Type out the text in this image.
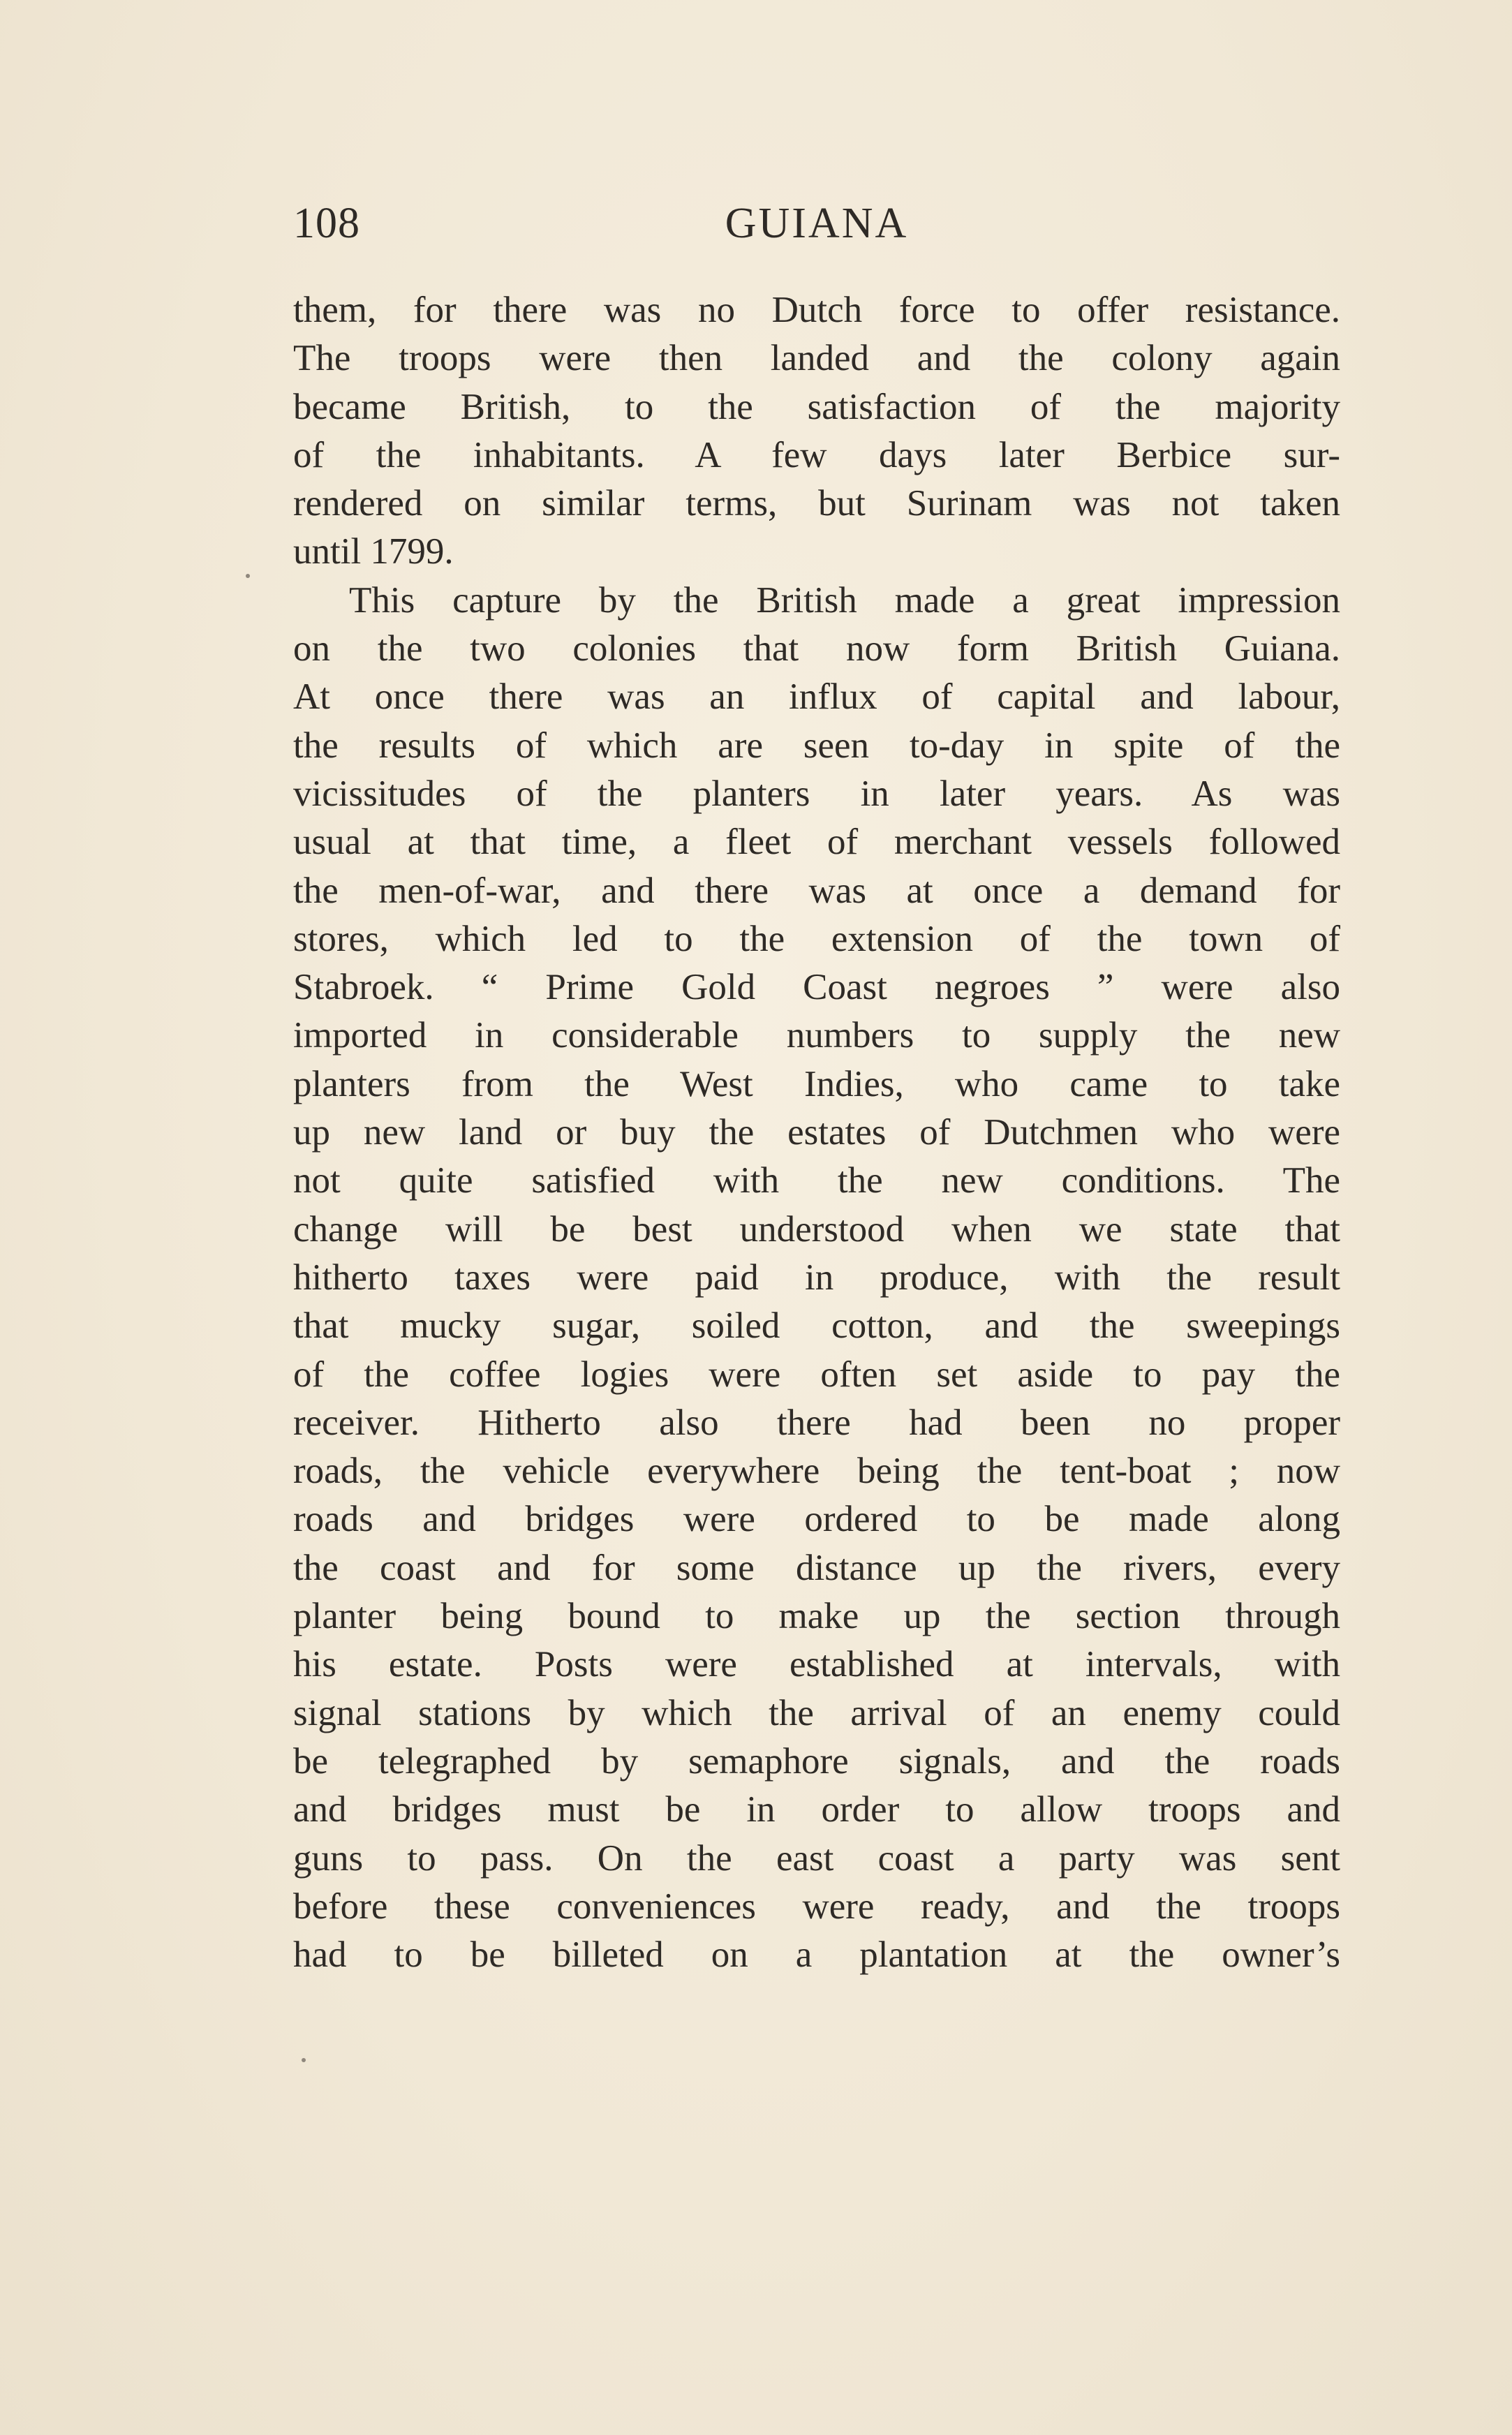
108	GUIANA
them, for there was no Dutch force to offer resistance.
The troops were then landed and the colony again
became British, to the satisfaction of the majority
of the inhabitants. A few days later Berbice sur-
rendered on similar terms, but Surinam was not taken
until 1799.
This capture by the British made a great impression
on the two colonies that now form British Guiana.
At once there was an influx of capital and labour,
the results of which are seen to-day in spite of the
vicissitudes of the planters in later years. As was
usual at that time, a fleet of merchant vessels followed
the men-of-war, and there was at once a demand for
stores, which led to the extension of the town of
Stabroek. “ Prime Gold Coast negroes ” were also
imported in considerable numbers to supply the new
planters from the West Indies, who came to take
up new land or buy the estates of Dutchmen who were
not quite satisfied with the new conditions. The
change will be best understood when we state that
hitherto taxes were paid in produce, with the result
that mucky sugar, soiled cotton, and the sweepings
of the coffee logies were often set aside to pay the
receiver. Hitherto also there had been no proper
roads, the vehicle everywhere being the tent-boat ; now
roads and bridges were ordered to be made along
the coast and for some distance up the rivers, every
planter being bound to make up the section through
his estate. Posts were established at intervals, with
signal stations by which the arrival of an enemy could
be telegraphed by semaphore signals, and the roads
and bridges must be in order to allow troops and
guns to pass. On the east coast a party was sent
before these conveniences were ready, and the troops
had to be billeted on a plantation at the owner’s
